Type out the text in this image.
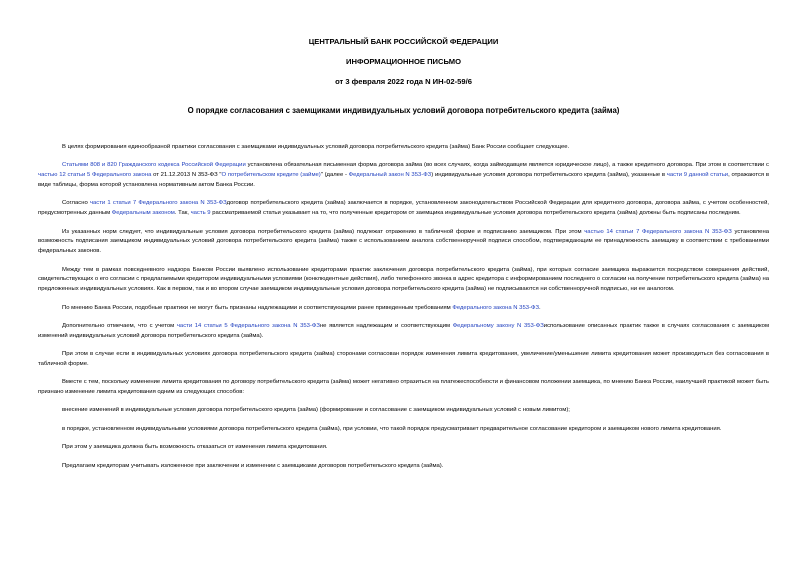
ЦЕНТРАЛЬНЫЙ БАНК РОССИЙСКОЙ ФЕДЕРАЦИИ
ИНФОРМАЦИОННОЕ ПИСЬМО
от 3 февраля 2022 года N ИН-02-59/6
О порядке согласования с заемщиками индивидуальных условий договора потребительского кредита (займа)

В целях формирования единообразной практики согласования с заемщиками индивидуальных условий договора потребительского кредита (займа) Банк России сообщает следующее.

Статьями 808 и 820 Гражданского кодекса Российской Федерации установлена обязательная письменная форма договора займа (во всех случаях, когда займодавцем является юридическое лицо), а также кредитного договора. При этом в соответствии с частью 12 статьи 5 Федерального закона от 21.12.2013 N 353-ФЗ "О потребительском кредите (займе)" (далее - Федеральный закон N 353-ФЗ) индивидуальные условия договора потребительского кредита (займа), указанные в части 9 данной статьи, отражаются в виде таблицы, форма которой установлена нормативным актом Банка России.

Согласно части 1 статьи 7 Федерального закона N 353-ФЗдоговор потребительского кредита (займа) заключается в порядке, установленном законодательством Российской Федерации для кредитного договора, договора займа, с учетом особенностей, предусмотренных данным Федеральным законом. Так, часть 9 рассматриваемой статьи указывает на то, что полученные кредитором от заемщика индивидуальные условия договора потребительского кредита (займа) должны быть подписаны последним.

Из указанных норм следует, что индивидуальные условия договора потребительского кредита (займа) подлежат отражению в табличной форме и подписанию заемщиком. При этом частью 14 статьи 7 Федерального закона N 353-ФЗ установлена возможность подписания заемщиком индивидуальных условий договора потребительского кредита (займа) также с использованием аналога собственноручной подписи способом, подтверждающим ее принадлежность заемщику в соответствии с требованиями федеральных законов.

Между тем в рамках повседневного надзора Банком России выявлено использование кредиторами практик заключения договора потребительского кредита (займа), при которых согласие заемщика выражается посредством совершения действий, свидетельствующих о его согласии с предлагаемыми кредитором индивидуальными условиями (конклюдентные действия), либо телефонного звонка в адрес кредитора с информированием последнего о согласии на получение потребительского кредита (займа) на предложенных индивидуальных условиях. Как в первом, так и во втором случае заемщиком индивидуальные условия договора потребительского кредита (займа) не подписываются ни собственноручной подписью, ни ее аналогом.

По мнению Банка России, подобные практики не могут быть признаны надлежащими и соответствующими ранее приведенным требованиям Федерального закона N 353-ФЗ.

Дополнительно отмечаем, что с учетом части 14 статьи 5 Федерального закона N 353-ФЗне является надлежащим и соответствующим Федеральному закону N 353-ФЗиспользование описанных практик также в случаях согласования с заемщиком изменений индивидуальных условий договора потребительского кредита (займа).

При этом в случае если в индивидуальных условиях договора потребительского кредита (займа) сторонами согласован порядок изменения лимита кредитования, увеличение/уменьшение лимита кредитования может производиться без согласования в табличной форме.

Вместе с тем, поскольку изменение лимита кредитования по договору потребительского кредита (займа) может негативно отразиться на платежеспособности и финансовом положении заемщика, по мнению Банка России, наилучшей практикой может быть признано изменение лимита кредитования одним из следующих способов:

внесение изменений в индивидуальные условия договора потребительского кредита (займа) (формирование и согласование с заемщиком индивидуальных условий с новым лимитом);

в порядке, установленном индивидуальными условиями договора потребительского кредита (займа), при условии, что такой порядок предусматривает предварительное согласование кредитором и заемщиком нового лимита кредитования.

При этом у заемщика должна быть возможность отказаться от изменения лимита кредитования.

Предлагаем кредиторам учитывать изложенное при заключении и изменении с заемщиками договоров потребительского кредита (займа).
